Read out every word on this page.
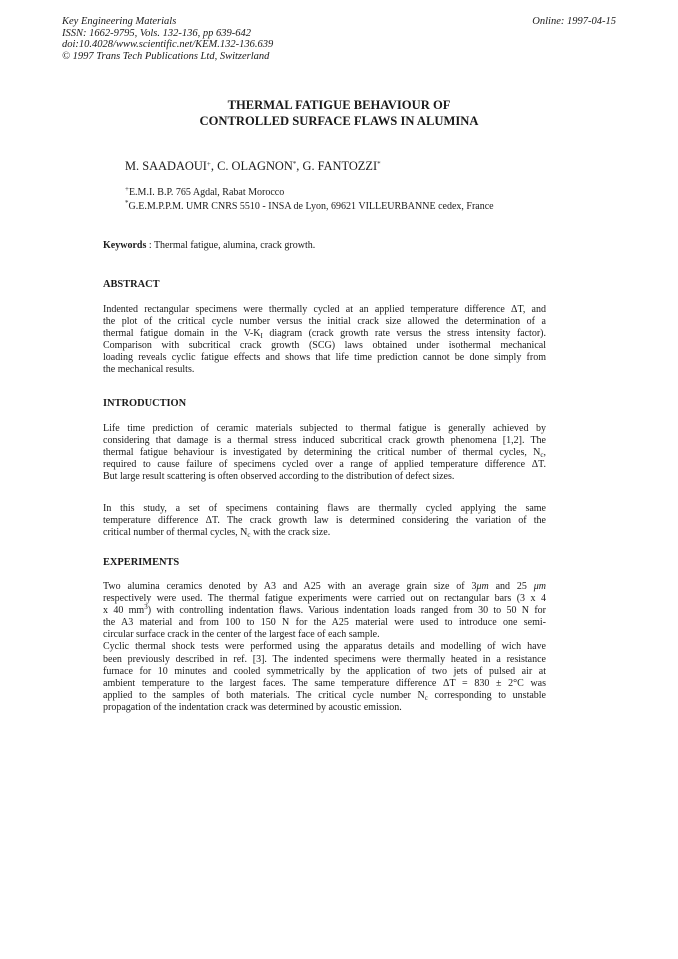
Key Engineering Materials
ISSN: 1662-9795, Vols. 132-136, pp 639-642
doi:10.4028/www.scientific.net/KEM.132-136.639
© 1997 Trans Tech Publications Ltd, Switzerland
Online: 1997-04-15
THERMAL FATIGUE BEHAVIOUR OF
CONTROLLED SURFACE FLAWS IN ALUMINA
M. SAADAOUI+, C. OLAGNON*, G. FANTOZZI*
+E.M.I. B.P. 765 Agdal, Rabat Morocco
*G.E.M.P.P.M. UMR CNRS 5510 - INSA de Lyon, 69621 VILLEURBANNE cedex, France
Keywords : Thermal fatigue, alumina, crack growth.
ABSTRACT
Indented rectangular specimens were thermally cycled at an applied temperature difference ΔT, and
the plot of the critical cycle number versus the initial crack size allowed the determination of a
thermal fatigue domain in the $V-K_I$ diagram (crack growth rate versus the stress intensity factor).
Comparison with subcritical crack growth (SCG) laws obtained under isothermal mechanical
loading reveals cyclic fatigue effects and shows that life time prediction cannot be done simply from
the mechanical results.
INTRODUCTION
Life time prediction of ceramic materials subjected to thermal fatigue is generally achieved by
considering that damage is a thermal stress induced subcritical crack growth phenomena [1,2]. The
thermal fatigue behaviour is investigated by determining the critical number of thermal cycles, $N_c$,
required to cause failure of specimens cycled over a range of applied temperature difference ΔT.
But large result scattering is often observed according to the distribution of defect sizes.
In this study, a set of specimens containing flaws are thermally cycled applying the same
temperature difference ΔT. The crack growth law is determined considering the variation of the
critical number of thermal cycles, $N_c$ with the crack size.
EXPERIMENTS
Two alumina ceramics denoted by A3 and A25 with an average grain size of 3μm and 25 μm
respectively were used. The thermal fatigue experiments were carried out on rectangular bars (3 x 4
x 40 $mm^3$) with controlling indentation flaws. Various indentation loads ranged from 30 to 50 N for
the A3 material and from 100 to 150 N for the A25 material were used to introduce one semi-
circular surface crack in the center of the largest face of each sample.
Cyclic thermal shock tests were performed using the apparatus details and modelling of wich have
been previously described in ref. [3]. The indented specimens were thermally heated in a resistance
furnace for 10 minutes and cooled symmetrically by the application of two jets of pulsed air at
ambient temperature to the largest faces. The same temperature difference ΔT = 830 ± 2°C was
applied to the samples of both materials. The critical cycle number $N_c$ corresponding to unstable
propagation of the indentation crack was determined by acoustic emission.
